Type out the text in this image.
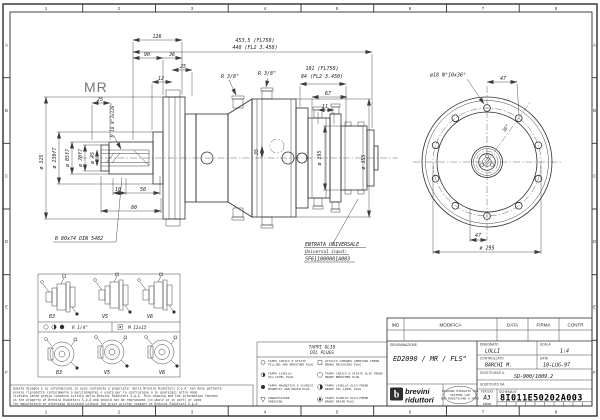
1	2	3	4	5	6	7	8
1	2	3	4	5	6	7	8
A
B
C
D
E
F
A
B
C
D
E
F
MR
126
453.5 (FL750)
440 (FL2 3.450)
90	36
25
12	R 3/8"	R 3/8"
101 (FL750)
94 (FL2 3.450)
67
11
ø 325 ø 230f7 ø 85f7 ø 70f7 ø 45
M 10 N°3x120°
25
10	50
80
B 80x74 DIN 5482
35	ø 195	ø 355
ENTRATA UNIVERSALE
Universal input:
SF611000001A003
36°
ø18 N°10x36°
47
47
ø 295
B3	V5	V6
B3	V5	V6
R 1/4"	M 12x15
Questo disegno e le informazioni in esso contenute e'proprieta' della Brevini Riduttori S.p.A: non deve pertanto
essere riprodotto (interamente o parzialmente) o usato per la costruzione o in qualsiasi altro modo
rivelato senza previo consenso scritto della Brevini Riduttori S.p.A. This drawing and the information thereon
is the property of Brevini Riduttori S.p.A and should not be reproduced (in whole or in part) or used
for manufacture or otherwise disclosed without the prior written consent of Brevini Riduttori S.p.A.
TAPPI OLIO
OIL PLUGS
TAPPO CARICO E SFIATO
FILLING AND BREATHER PLUG
TAPPO LIVELLO
OIL LEVEL PLUG
TAPPO MAGNETICO E SCARICO
MAGNETIC AND DRAIN PLUG
INGRASSATORE
GREASING
ATTACCO COMANDO APERTURA FRENO
BRAKE RELEASING PLUG
TAPPO CARICO E SFIATO OLIO FRENO
BRAKE BREATHER PLUG
TAPPO LIVELLO OLIO FRENO
BRAKE OIL LEVEL PLUG
TAPPO SCARICO OLIO FRENO
BRAKE DRAIN PLUG
IND	MODIFICA	DATA	FIRMA	CONTR
DENOMINAZIONE:
ED2090 / MR / FLS"
DISEGNATO
LOLLI
SCALA
1:4
CONTROLLATO
BARCHI M.
DATA
10-LUG-97
SOSTITUISCE IL
SD-900/1009.2
SOSTITUITO DA
b brevini
riduttori
DISEGNO ESEGUITO CON
SISTEMA CAD
NON MODIFICARE A MANO
FOGLIO
A3
Indice
SCHEMA N°
8I011E50202A003
